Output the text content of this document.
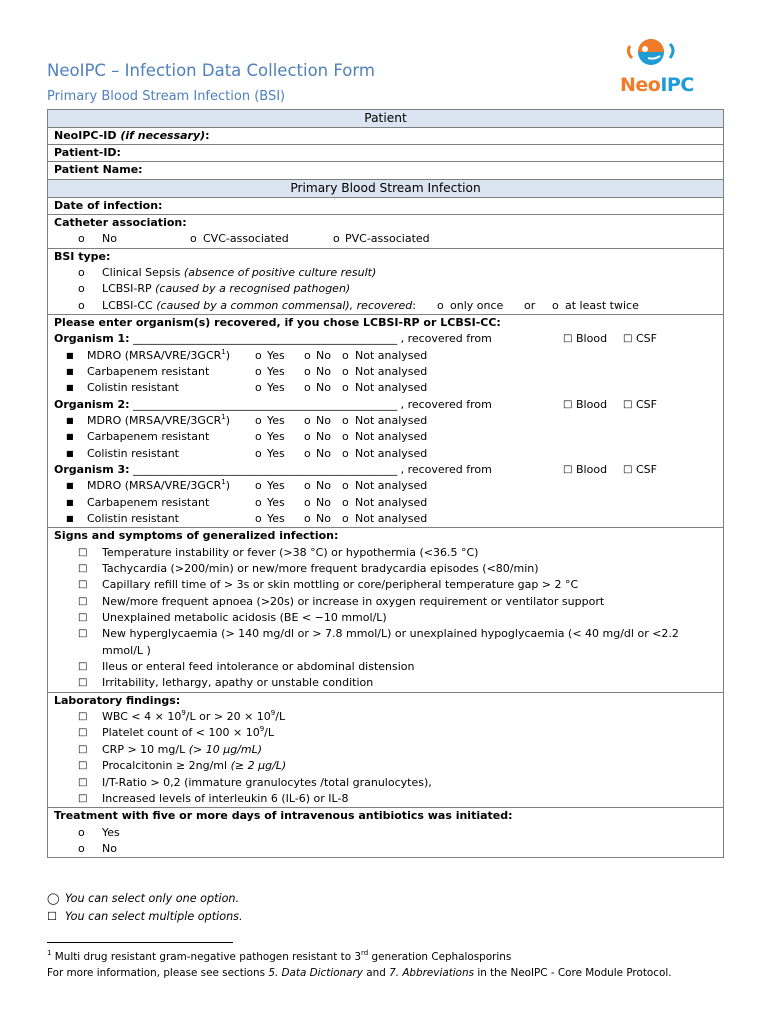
NeoIPC – Infection Data Collection Form
Primary Blood Stream Infection (BSI)
NeoIPC
Patient
NeoIPC-ID (if necessary):
Patient-ID:
Patient Name:
Primary Blood Stream Infection
Date of infection:
Catheter association:
o No	o CVC-associated	o PVC-associated
BSI type:
o Clinical Sepsis (absence of positive culture result)
o LCBSI-RP (caused by a recognised pathogen)
o LCBSI-CC (caused by a common commensal), recovered: o only once or o at least twice
Please enter organism(s) recovered, if you chose LCBSI-RP or LCBSI-CC:
Organism 1: ________________________________________________ , recovered from	□ Blood □ CSF
■ MDRO (MRSA/VRE/3GCR$^1$) o Yes o No o Not analysed
■ Carbapenem resistant	o Yes o No o Not analysed
■ Colistin resistant	o Yes o No o Not analysed
Organism 2: ________________________________________________ , recovered from	□ Blood □ CSF
■ MDRO (MRSA/VRE/3GCR$^1$) o Yes o No o Not analysed
■ Carbapenem resistant	o Yes o No o Not analysed
■ Colistin resistant	o Yes o No o Not analysed
Organism 3: ________________________________________________ , recovered from	□ Blood □ CSF
■ MDRO (MRSA/VRE/3GCR$^1$) o Yes o No o Not analysed
■ Carbapenem resistant	o Yes o No o Not analysed
■ Colistin resistant	o Yes o No o Not analysed
Signs and symptoms of generalized infection:
□ Temperature instability or fever (>38 °C) or hypothermia (<36.5 °C)
□ Tachycardia (>200/min) or new/more frequent bradycardia episodes (<80/min)
□ Capillary refill time of > 3s or skin mottling or core/peripheral temperature gap > 2 °C
□ New/more frequent apnoea (>20s) or increase in oxygen requirement or ventilator support
□ Unexplained metabolic acidosis (BE < −10 mmol/L)
□ New hyperglycaemia (> 140 mg/dl or > 7.8 mmol/L) or unexplained hypoglycaemia (< 40 mg/dl or <2.2
mmol/L )
□ Ileus or enteral feed intolerance or abdominal distension
□ Irritability, lethargy, apathy or unstable condition
Laboratory findings:
□ WBC < $4 \times 10^9/L$ or > $20 \times 10^9/L$
□ Platelet count of < $100 \times 10^9/L$
□ CRP > 10 mg/L (> 10 µg/mL)
□ Procalcitonin ≥ 2ng/ml (≥ 2 µg/L)
□ I/T-Ratio > 0,2 (immature granulocytes /total granulocytes),
□ Increased levels of interleukin 6 (IL-6) or IL-8
Treatment with five or more days of intravenous antibiotics was initiated:
o Yes
o No
◯ You can select only one option.
☐ You can select multiple options.
$^1$ Multi drug resistant gram-negative pathogen resistant to 3rd generation Cephalosporins
For more information, please see sections 5. Data Dictionary and 7. Abbreviations in the NeoIPC - Core Module Protocol.
